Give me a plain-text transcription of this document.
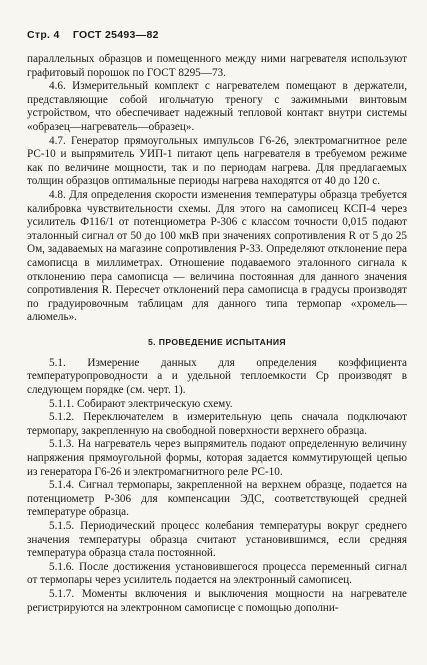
Стр. 4 ГОСТ 25493—82

параллельных образцов и помещенного между ними нагревателя используют графитовый порошок по ГОСТ 8295—73.

4.6. Измерительный комплект с нагревателем помещают в держатели, представляющие собой игольчатую треногу с зажимными винтовым устройством, что обеспечивает надежный тепловой контакт внутри системы «образец—нагреватель—образец».

4.7. Генератор прямоугольных импульсов Г6-26, электромагнитное реле РС-10 и выпрямитель УИП-1 питают цепь нагревателя в требуемом режиме как по величине мощности, так и по периодам нагрева. Для предлагаемых толщин образцов оптимальные периоды нагрева находятся от 40 до 120 с.

4.8. Для определения скорости изменения температуры образца требуется калибровка чувствительности схемы. Для этого на самописец КСП-4 через усилитель Ф116/1 от потенциометра Р-306 с классом точности 0,015 подают эталонный сигнал от 50 до 100 мкВ при значениях сопротивления R от 5 до 25 Ом, задаваемых на магазине сопротивления Р-33. Определяют отклонение пера самописца в миллиметрах. Отношение подаваемого эталонного сигнала к отклонению пера самописца — величина постоянная для данного значения сопротивления R. Пересчет отклонений пера самописца в градусы производят по градуировочным таблицам для данного типа термопар «хромель—алюмель».

5. ПРОВЕДЕНИЕ ИСПЫТАНИЯ

5.1. Измерение данных для определения коэффициента температуропроводности a и удельной теплоемкости Cp производят в следующем порядке (см. черт. 1).

5.1.1. Собирают электрическую схему.

5.1.2. Переключателем в измерительную цепь сначала подключают термопару, закрепленную на свободной поверхности верхнего образца.

5.1.3. На нагреватель через выпрямитель подают определенную величину напряжения прямоугольной формы, которая задается коммутирующей цепью из генератора Г6-26 и электромагнитного реле РС-10.

5.1.4. Сигнал термопары, закрепленной на верхнем образце, подается на потенциометр Р-306 для компенсации ЭДС, соответствующей средней температуре образца.

5.1.5. Периодический процесс колебания температуры вокруг среднего значения температуры образца считают установившимся, если средняя температура образца стала постоянной.

5.1.6. После достижения установившегося процесса переменный сигнал от термопары через усилитель подается на электронный самописец.

5.1.7. Моменты включения и выключения мощности на нагревателе регистрируются на электронном самописце с помощью дополни-
